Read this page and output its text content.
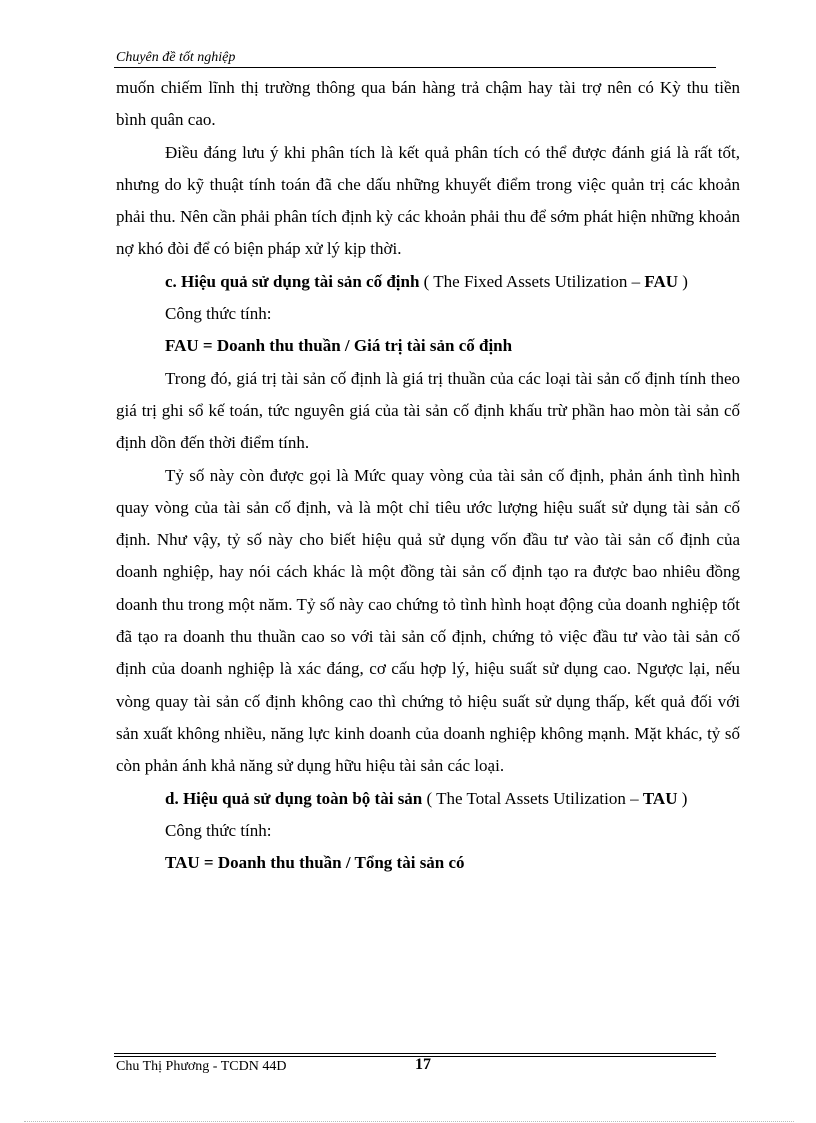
Chuyên đề tốt nghiệp

muốn chiếm lĩnh thị trường thông qua bán hàng trả chậm hay tài trợ nên có Kỳ thu tiền bình quân cao.

Điều đáng lưu ý khi phân tích là kết quả phân tích có thể được đánh giá là rất tốt, nhưng do kỹ thuật tính toán đã che dấu những khuyết điểm trong việc quản trị các khoản phải thu. Nên cần phải phân tích định kỳ các khoản phải thu để sớm phát hiện những khoản nợ khó đòi để có biện pháp xử lý kịp thời.

c. Hiệu quả sử dụng tài sản cố định ( The Fixed Assets Utilization – FAU )

Công thức tính:

FAU = Doanh thu thuần / Giá trị tài sản cố định

Trong đó, giá trị tài sản cố định là giá trị thuần của các loại tài sản cố định tính theo giá trị ghi sổ kế toán, tức nguyên giá của tài sản cố định khấu trừ phần hao mòn tài sản cố định dồn đến thời điểm tính.

Tỷ số này còn được gọi là Mức quay vòng của tài sản cố định, phản ánh tình hình quay vòng của tài sản cố định, và là một chỉ tiêu ước lượng hiệu suất sử dụng tài sản cố định. Như vậy, tỷ số này cho biết hiệu quả sử dụng vốn đầu tư vào tài sản cố định của doanh nghiệp, hay nói cách khác là một đồng tài sản cố định tạo ra được bao nhiêu đồng doanh thu trong một năm. Tỷ số này cao chứng tỏ tình hình hoạt động của doanh nghiệp tốt đã tạo ra doanh thu thuần cao so với tài sản cố định, chứng tỏ việc đầu tư vào tài sản cố định của doanh nghiệp là xác đáng, cơ cấu hợp lý, hiệu suất sử dụng cao. Ngược lại, nếu vòng quay tài sản cố định không cao thì chứng tỏ hiệu suất sử dụng thấp, kết quả đối với sản xuất không nhiều, năng lực kinh doanh của doanh nghiệp không mạnh. Mặt khác, tỷ số còn phản ánh khả năng sử dụng hữu hiệu tài sản các loại.

d. Hiệu quả sử dụng toàn bộ tài sản ( The Total Assets Utilization – TAU )

Công thức tính:

TAU = Doanh thu thuần / Tổng tài sản có

Chu Thị Phương - TCDN 44D	17
